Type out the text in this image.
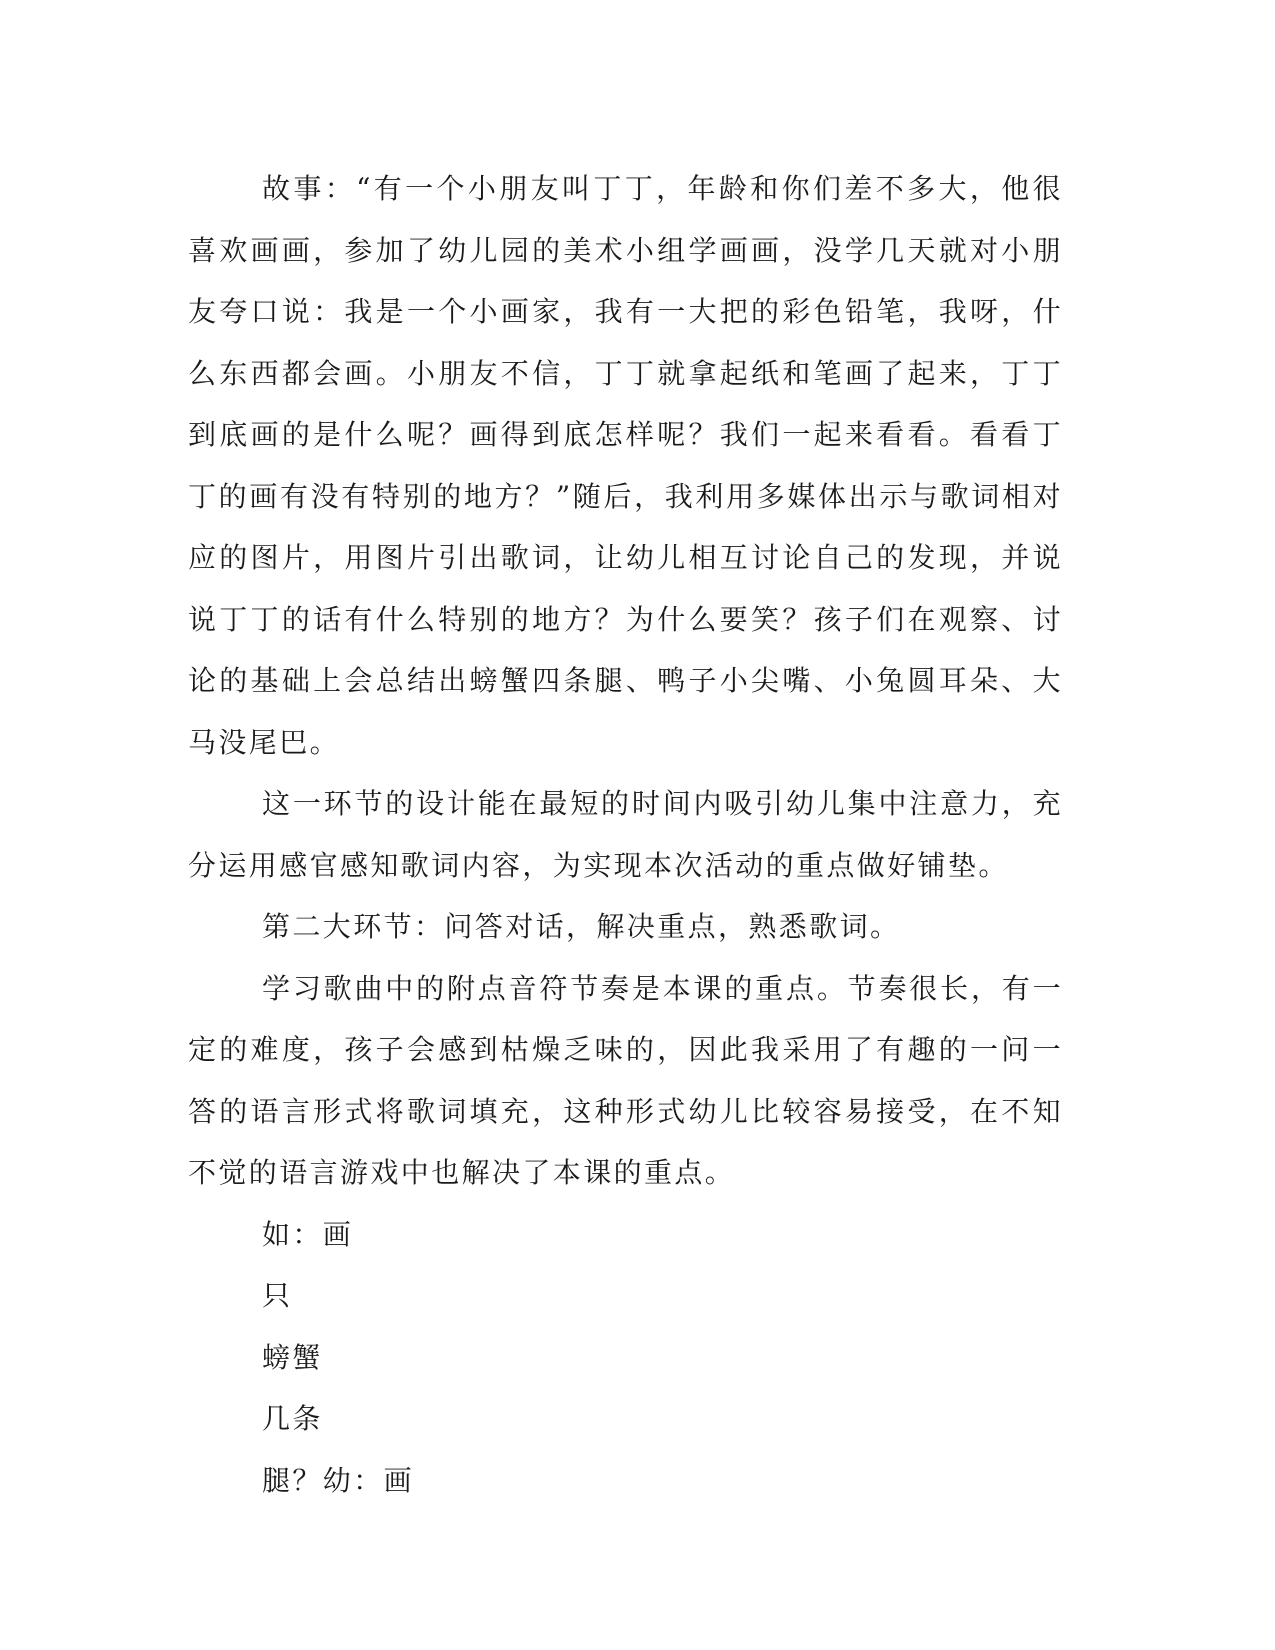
故事：“有一个小朋友叫丁丁，年龄和你们差不多大，他很喜欢画画，参加了幼儿园的美术小组学画画，没学几天就对小朋友夸口说：我是一个小画家，我有一大把的彩色铅笔，我呀，什么东西都会画。小朋友不信，丁丁就拿起纸和笔画了起来，丁丁到底画的是什么呢？画得到底怎样呢？我们一起来看看。看看丁丁的画有没有特别的地方？”随后，我利用多媒体出示与歌词相对应的图片，用图片引出歌词，让幼儿相互讨论自己的发现，并说说丁丁的话有什么特别的地方？为什么要笑？孩子们在观察、讨论的基础上会总结出螃蟹四条腿、鸭子小尖嘴、小兔圆耳朵、大马没尾巴。

这一环节的设计能在最短的时间内吸引幼儿集中注意力，充分运用感官感知歌词内容，为实现本次活动的重点做好铺垫。

第二大环节：问答对话，解决重点，熟悉歌词。

学习歌曲中的附点音符节奏是本课的重点。节奏很长，有一定的难度，孩子会感到枯燥乏味的，因此我采用了有趣的一问一答的语言形式将歌词填充，这种形式幼儿比较容易接受，在不知不觉的语言游戏中也解决了本课的重点。

如：画

只

螃蟹

几条

腿？幼：画
